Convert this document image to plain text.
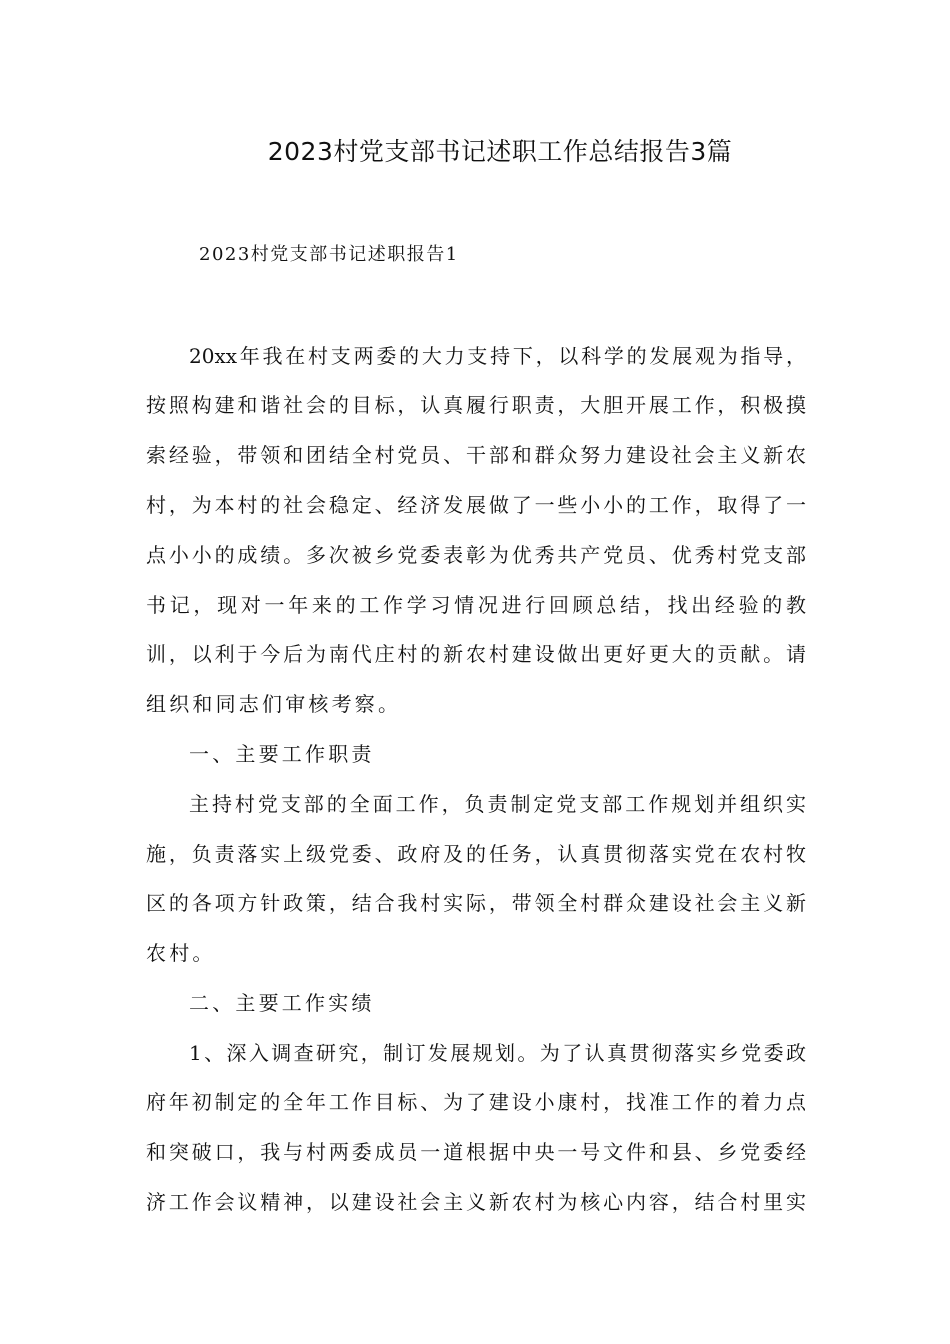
2023村党支部书记述职工作总结报告3篇
2023村党支部书记述职报告1
20xx年我在村支两委的大力支持下，以科学的发展观为指导，
按照构建和谐社会的目标，认真履行职责，大胆开展工作，积极摸
索经验，带领和团结全村党员、干部和群众努力建设社会主义新农
村，为本村的社会稳定、经济发展做了一些小小的工作，取得了一
点小小的成绩。多次被乡党委表彰为优秀共产党员、优秀村党支部
书记，现对一年来的工作学习情况进行回顾总结，找出经验的教
训，以利于今后为南代庄村的新农村建设做出更好更大的贡献。请
组织和同志们审核考察。
一、主要工作职责
主持村党支部的全面工作，负责制定党支部工作规划并组织实
施，负责落实上级党委、政府及的任务，认真贯彻落实党在农村牧
区的各项方针政策，结合我村实际，带领全村群众建设社会主义新
农村。
二、主要工作实绩
1、深入调查研究，制订发展规划。为了认真贯彻落实乡党委政
府年初制定的全年工作目标、为了建设小康村，找准工作的着力点
和突破口，我与村两委成员一道根据中央一号文件和县、乡党委经
济工作会议精神，以建设社会主义新农村为核心内容，结合村里实
